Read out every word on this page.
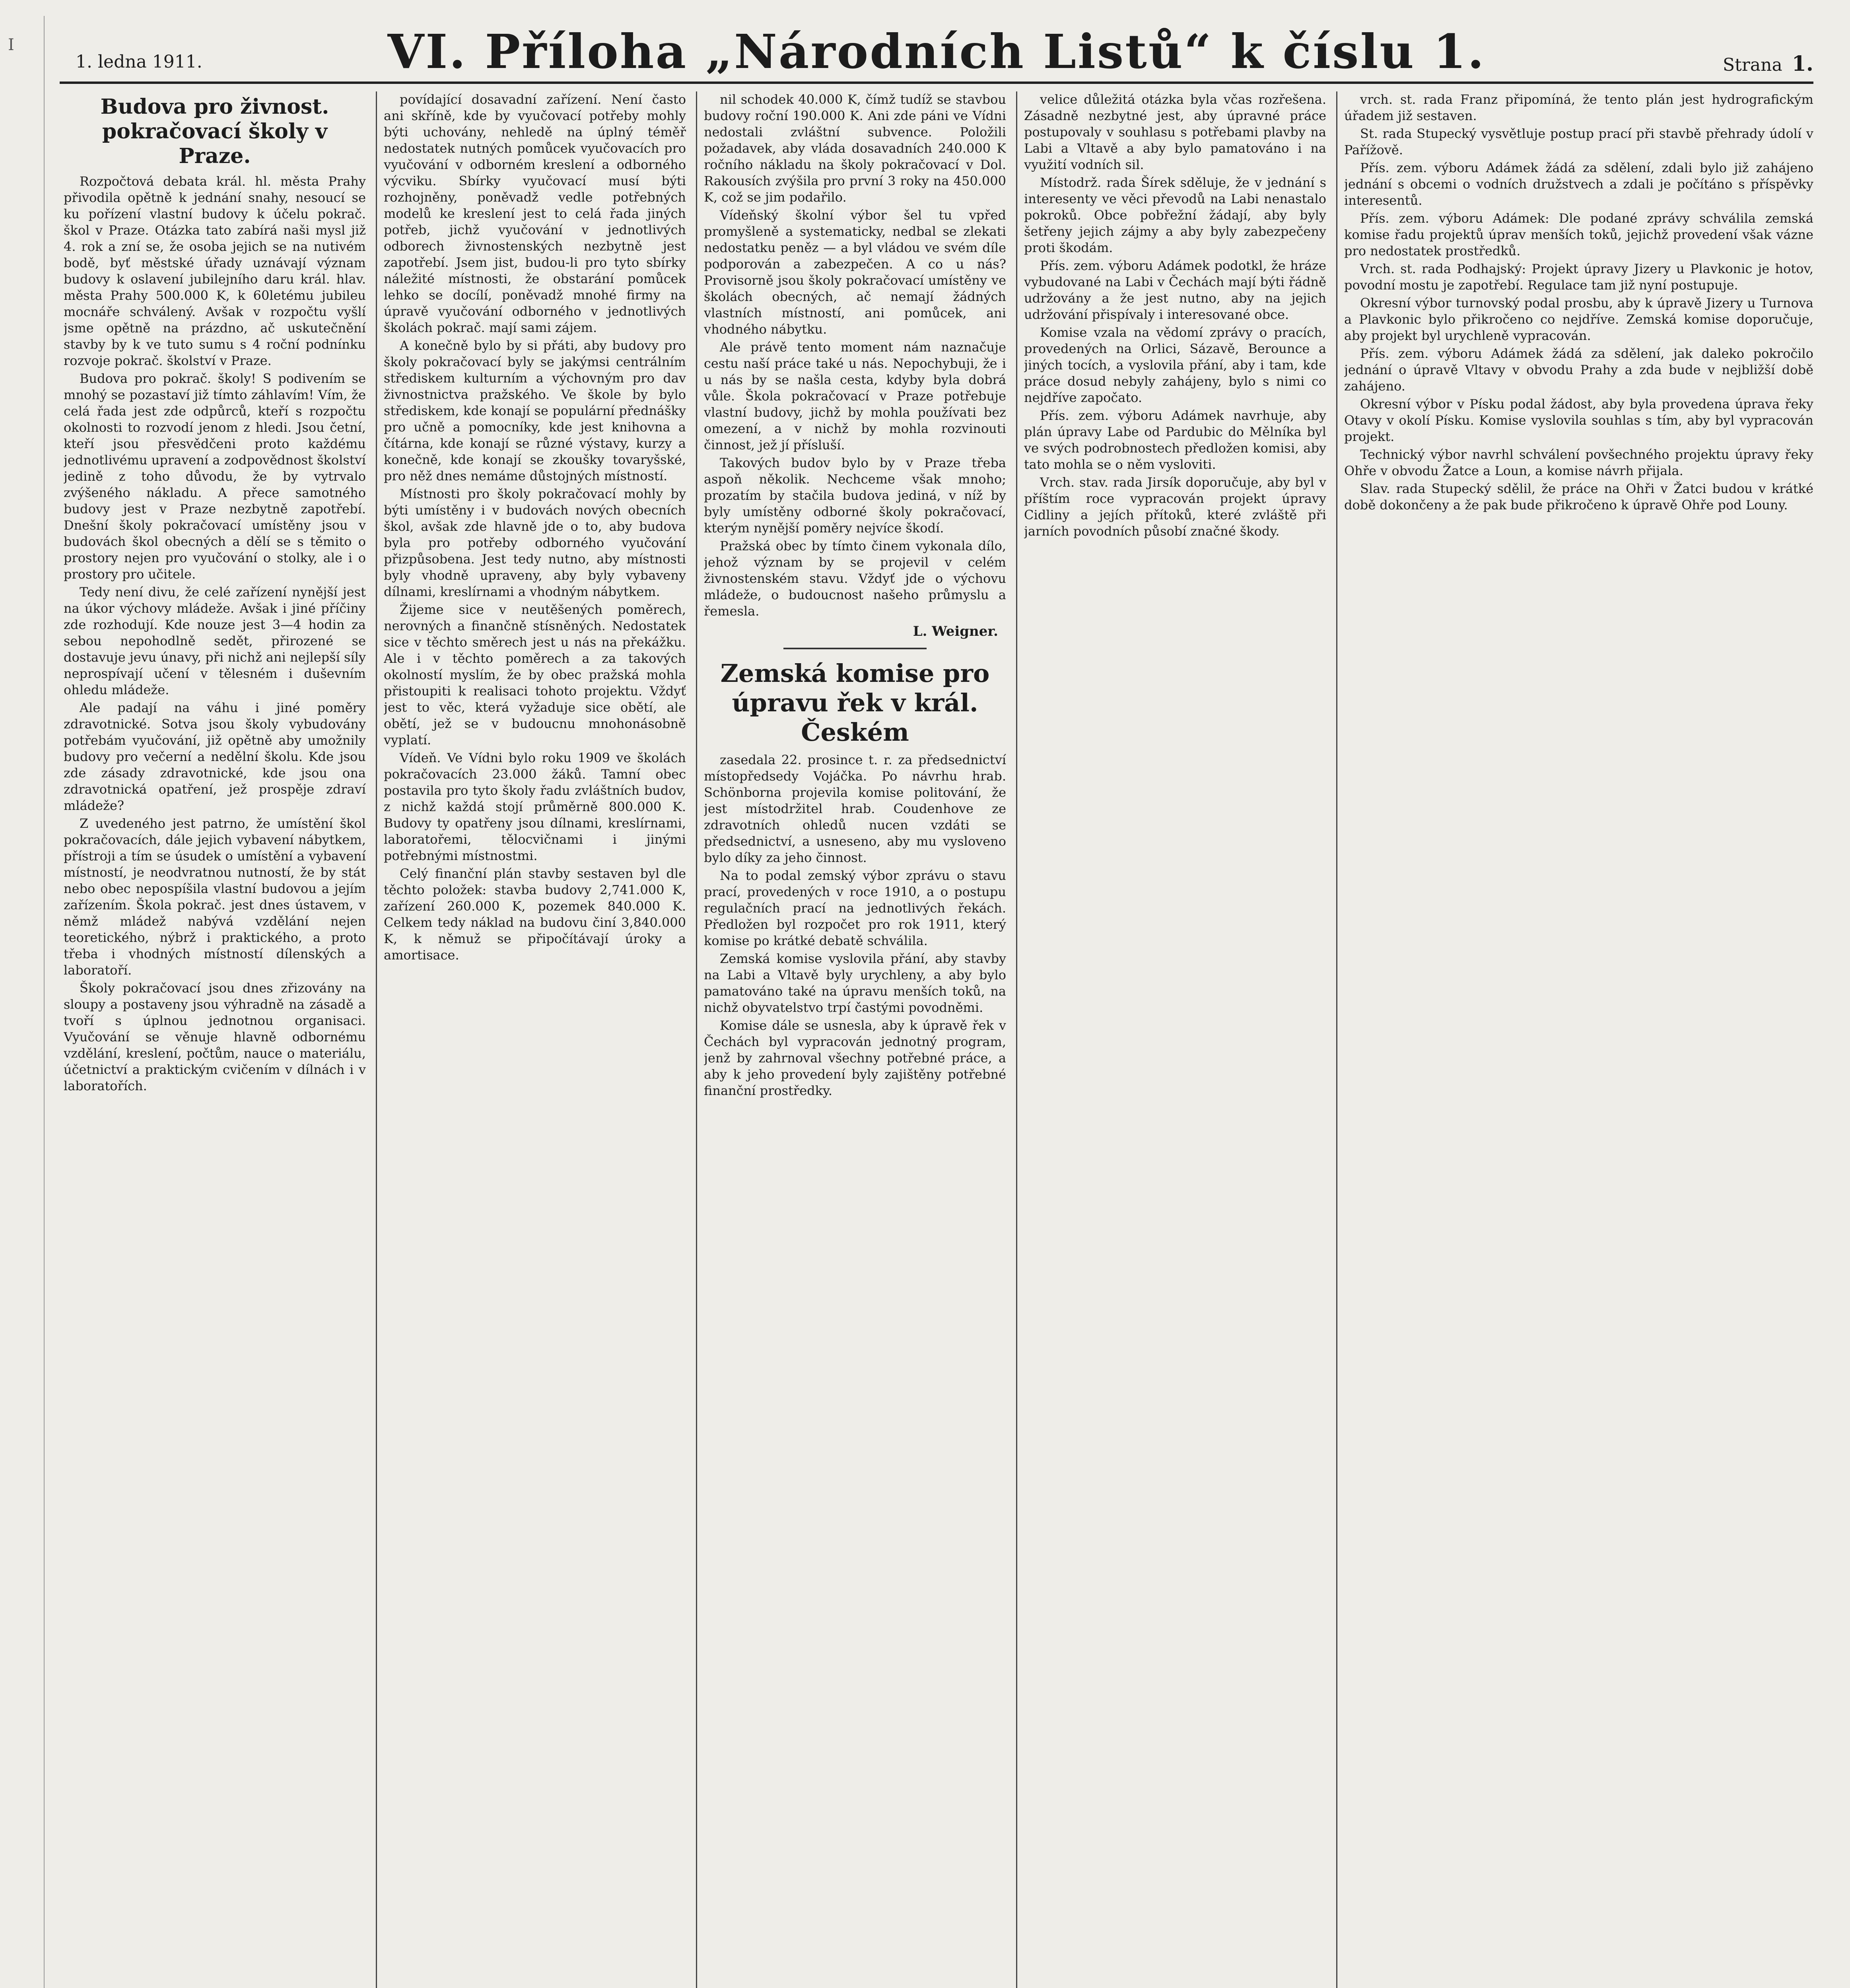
I
1. ledna 1911.	VI. Příloha „Národních Listů“ k číslu 1.	Strana 1.
Budova pro živnost. pokračovací školy v Praze.

Rozpočtová debata král. hl. města Prahy přivodila opětně k jednání snahy, nesoucí se ku pořízení vlastní budovy k účelu pokrač. škol v Praze. Otázka tato zabírá naši mysl již 4. rok a zní se, že osoba jejich se na nutivém bodě, byť městské úřady uznávají význam budovy k oslavení jubilejního daru král. hlav. města Prahy 500.000 K, k 60letému jubileu mocnáře schválený. Avšak v rozpočtu vyšlí jsme opětně na prázdno, ač uskutečnění stavby by k ve tuto sumu s 4 roční podnínku rozvoje pokrač. školství v Praze.

Budova pro pokrač. školy! S podivením se mnohý se pozastaví již tímto záhlavím! Vím, že celá řada jest zde odpůrců, kteří s rozpočtu okolnosti to rozvodí jenom z hledi. Jsou četní, kteří jsou přesvědčeni proto každému jednotlivému upravení a zodpovědnost školství jedině z toho důvodu, že by vytrvalo zvýšeného nákladu. A přece samotného budovy jest v Praze nezbytně zapotřebí. Dnešní školy pokračovací umístěny jsou v budovách škol obecných a dělí se s těmito o prostory nejen pro vyučování o stolky, ale i o prostory pro učitele.

Tedy není divu, že celé zařízení nynější jest na úkor výchovy mládeže. Avšak i jiné příčiny zde rozhodují. Kde nouze jest 3—4 hodin za sebou nepohodlně sedět, přirozené se dostavuje jevu únavy, při nichž ani nejlepší síly neprospívají učení v tělesném i duševním ohledu mládeže.

Ale padají na váhu i jiné poměry zdravotnické. Sotva jsou školy vybudovány potřebám vyučování, již opětně aby umožnily budovy pro večerní a nedělní školu. Kde jsou zde zásady zdravotnické, kde jsou ona zdravotnická opatření, jež prospěje zdraví mládeže?

Z uvedeného jest patrno, že umístění škol pokračovacích, dále jejich vybavení nábytkem, přístroji a tím se úsudek o umístění a vybavení místností, je neodvratnou nutností, že by stát nebo obec nepospíšila vlastní budovou a jejím zařízením. Škola pokrač. jest dnes ústavem, v němž mládež nabývá vzdělání nejen teoretického, nýbrž i praktického, a proto třeba i vhodných místností dílenských a laboratoří.

Školy pokračovací jsou dnes zřizovány na sloupy a postaveny jsou výhradně na zásadě a tvoří s úplnou jednotnou organisaci. Vyučování se věnuje hlavně odbornému vzdělání, kreslení, počtům, nauce o materiálu, účetnictví a praktickým cvičením v dílnách i v laboratořích.

povídající dosavadní zařízení. Není často ani skříně, kde by vyučovací potřeby mohly býti uchovány, nehledě na úplný téměř nedostatek nutných pomůcek vyučovacích pro vyučování v odborném kreslení a odborného výcviku. Sbírky vyučovací musí býti rozhojněny, poněvadž vedle potřebných modelů ke kreslení jest to celá řada jiných potřeb, jichž vyučování v jednotlivých odborech živnostenských nezbytně jest zapotřebí. Jsem jist, budou-li pro tyto sbírky náležité místnosti, že obstarání pomůcek lehko se docílí, poněvadž mnohé firmy na úpravě vyučování odborného v jednotlivých školách pokrač. mají sami zájem.

A konečně bylo by si přáti, aby budovy pro školy pokračovací byly se jakýmsi centrálním střediskem kulturním a výchovným pro dav živnostnictva pražského. Ve škole by bylo střediskem, kde konají se populární přednášky pro učně a pomocníky, kde jest knihovna a čítárna, kde konají se různé výstavy, kurzy a konečně, kde konají se zkoušky tovaryšské, pro něž dnes nemáme důstojných místností.

Místnosti pro školy pokračovací mohly by býti umístěny i v budovách nových obecních škol, avšak zde hlavně jde o to, aby budova byla pro potřeby odborného vyučování přizpůsobena. Jest tedy nutno, aby místnosti byly vhodně upraveny, aby byly vybaveny dílnami, kreslírnami a vhodným nábytkem.

Žijeme sice v neutěšených poměrech, nerovných a finančně stísněných. Nedostatek sice v těchto směrech jest u nás na překážku. Ale i v těchto poměrech a za takových okolností myslím, že by obec pražská mohla přistoupiti k realisaci tohoto projektu. Vždyť jest to věc, která vyžaduje sice obětí, ale obětí, jež se v budoucnu mnohonásobně vyplatí.

Vídeň. Ve Vídni bylo roku 1909 ve školách pokračovacích 23.000 žáků. Tamní obec postavila pro tyto školy řadu zvláštních budov, z nichž každá stojí průměrně 800.000 K. Budovy ty opatřeny jsou dílnami, kreslírnami, laboratořemi, tělocvičnami i jinými potřebnými místnostmi.

Celý finanční plán stavby sestaven byl dle těchto položek: stavba budovy 2,741.000 K, zařízení 260.000 K, pozemek 840.000 K. Celkem tedy náklad na budovu činí 3,840.000 K, k němuž se připočítávají úroky a amortisace.

nil schodek 40.000 K, čímž tudíž se stavbou budovy roční 190.000 K. Ani zde páni ve Vídni nedostali zvláštní subvence. Položili požadavek, aby vláda dosavadních 240.000 K ročního nákladu na školy pokračovací v Dol. Rakousích zvýšila pro první 3 roky na 450.000 K, což se jim podařilo.

Vídeňský školní výbor šel tu vpřed promyšleně a systematicky, nedbal se zlekati nedostatku peněz — a byl vládou ve svém díle podporován a zabezpečen. A co u nás? Provisorně jsou školy pokračovací umístěny ve školách obecných, ač nemají žádných vlastních místností, ani pomůcek, ani vhodného nábytku.

Ale právě tento moment nám naznačuje cestu naší práce také u nás. Nepochybuji, že i u nás by se našla cesta, kdyby byla dobrá vůle. Škola pokračovací v Praze potřebuje vlastní budovy, jichž by mohla používati bez omezení, a v nichž by mohla rozvinouti činnost, jež jí přísluší.

Takových budov bylo by v Praze třeba aspoň několik. Nechceme však mnoho; prozatím by stačila budova jediná, v níž by byly umístěny odborné školy pokračovací, kterým nynější poměry nejvíce škodí.

Pražská obec by tímto činem vykonala dílo, jehož význam by se projevil v celém živnostenském stavu. Vždyť jde o výchovu mládeže, o budoucnost našeho průmyslu a řemesla.

L. Weigner.
Zemská komise pro úpravu řek v král. Českém

zasedala 22. prosince t. r. za předsednictví místopředsedy Vojáčka. Po návrhu hrab. Schönborna projevila komise politování, že jest místodržitel hrab. Coudenhove ze zdravotních ohledů nucen vzdáti se předsednictví, a usneseno, aby mu vysloveno bylo díky za jeho činnost.

Na to podal zemský výbor zprávu o stavu prací, provedených v roce 1910, a o postupu regulačních prací na jednotlivých řekách. Předložen byl rozpočet pro rok 1911, který komise po krátké debatě schválila.

Zemská komise vyslovila přání, aby stavby na Labi a Vltavě byly urychleny, a aby bylo pamatováno také na úpravu menších toků, na nichž obyvatelstvo trpí častými povodněmi.

Komise dále se usnesla, aby k úpravě řek v Čechách byl vypracován jednotný program, jenž by zahrnoval všechny potřebné práce, a aby k jeho provedení byly zajištěny potřebné finanční prostředky.

velice důležitá otázka byla včas rozřešena. Zásadně nezbytné jest, aby úpravné práce postupovaly v souhlasu s potřebami plavby na Labi a Vltavě a aby bylo pamatováno i na využití vodních sil.

Místodrž. rada Šírek sděluje, že v jednání s interesenty ve věci převodů na Labi nenastalo pokroků. Obce pobřežní žádají, aby byly šetřeny jejich zájmy a aby byly zabezpečeny proti škodám.

Přís. zem. výboru Adámek podotkl, že hráze vybudované na Labi v Čechách mají býti řádně udržovány a že jest nutno, aby na jejich udržování přispívaly i interesované obce.

Komise vzala na vědomí zprávy o pracích, provedených na Orlici, Sázavě, Berounce a jiných tocích, a vyslovila přání, aby i tam, kde práce dosud nebyly zahájeny, bylo s nimi co nejdříve započato.

Přís. zem. výboru Adámek navrhuje, aby plán úpravy Labe od Pardubic do Mělníka byl ve svých podrobnostech předložen komisi, aby tato mohla se o něm vysloviti.

Vrch. stav. rada Jirsík doporučuje, aby byl v příštím roce vypracován projekt úpravy Cidliny a jejích přítoků, které zvláště při jarních povodních působí značné škody.

vrch. st. rada Franz připomíná, že tento plán jest hydrografickým úřadem již sestaven.

St. rada Stupecký vysvětluje postup prací při stavbě přehrady údolí v Pařížově.

Přís. zem. výboru Adámek žádá za sdělení, zdali bylo již zahájeno jednání s obcemi o vodních družstvech a zdali je počítáno s příspěvky interesentů.

Přís. zem. výboru Adámek: Dle podané zprávy schválila zemská komise řadu projektů úprav menších toků, jejichž provedení však vázne pro nedostatek prostředků.

Vrch. st. rada Podhajský: Projekt úpravy Jizery u Plavkonic je hotov, povodní mostu je zapotřebí. Regulace tam již nyní postupuje.

Okresní výbor turnovský podal prosbu, aby k úpravě Jizery u Turnova a Plavkonic bylo přikročeno co nejdříve. Zemská komise doporučuje, aby projekt byl urychleně vypracován.

Přís. zem. výboru Adámek žádá za sdělení, jak daleko pokročilo jednání o úpravě Vltavy v obvodu Prahy a zda bude v nejbližší době zahájeno.

Okresní výbor v Písku podal žádost, aby byla provedena úprava řeky Otavy v okolí Písku. Komise vyslovila souhlas s tím, aby byl vypracován projekt.

Technický výbor navrhl schválení povšechného projektu úpravy řeky Ohře v obvodu Žatce a Loun, a komise návrh přijala.

Slav. rada Stupecký sdělil, že práce na Ohři v Žatci budou v krátké době dokončeny a že pak bude přikročeno k úpravě Ohře pod Louny.
